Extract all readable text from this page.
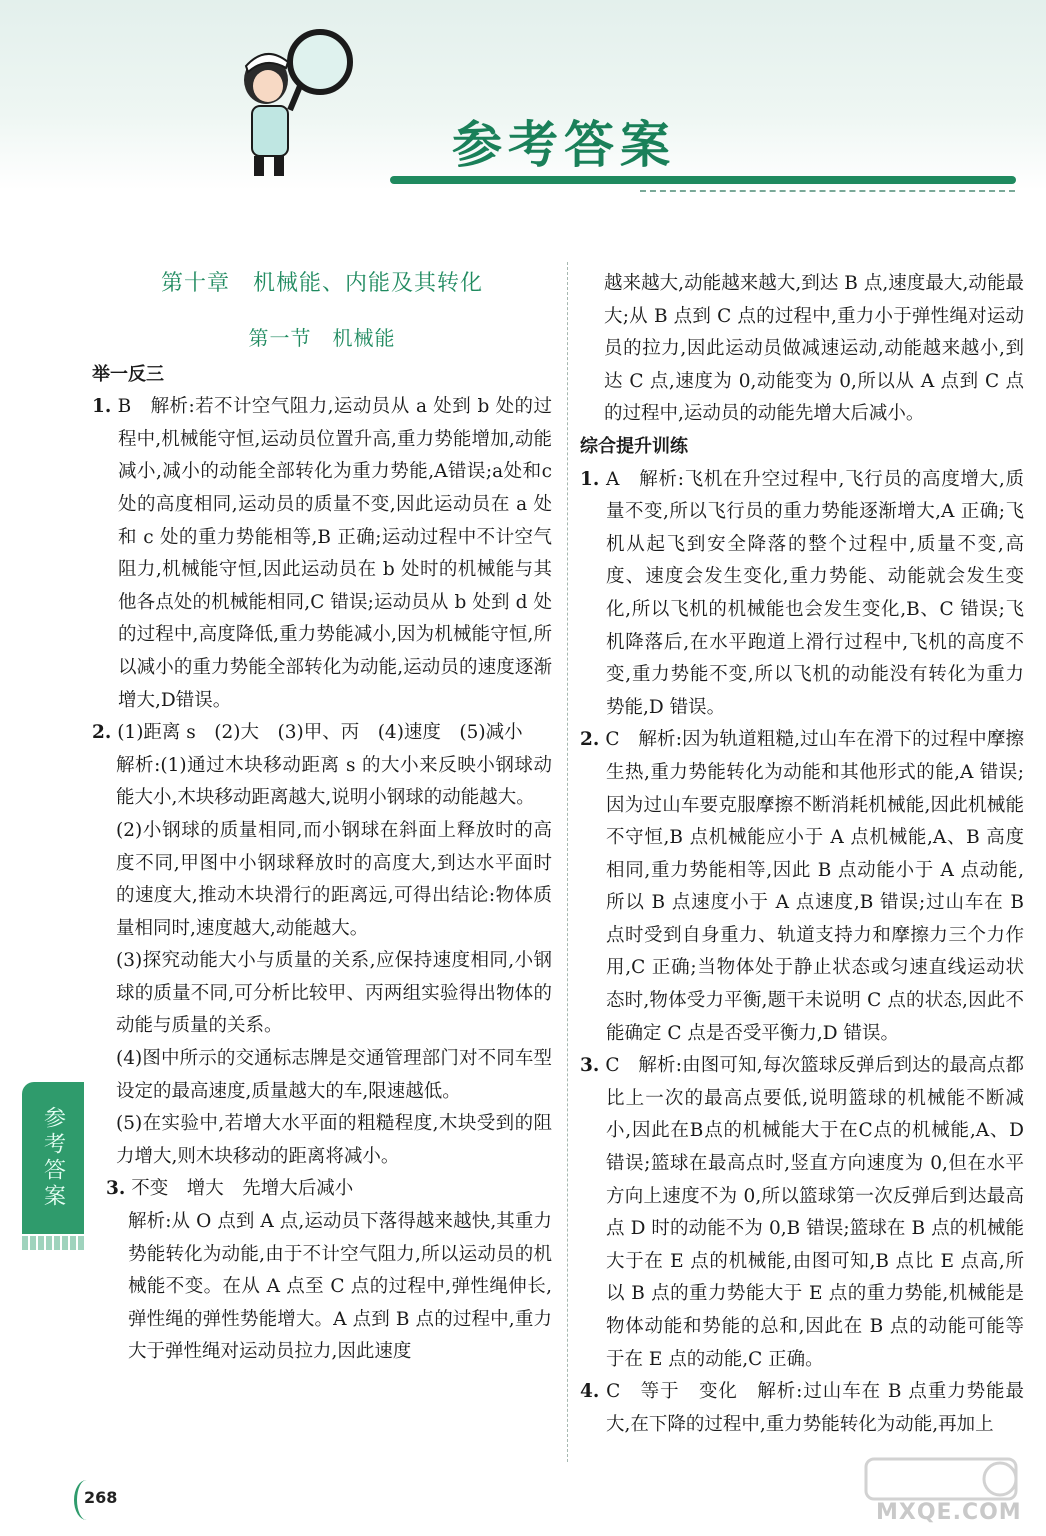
参考答案
第十章　机械能、内能及其转化
第一节　机械能
举一反三

1. B　解析:若不计空气阻力,运动员从 a 处到 b 处的过程中,机械能守恒,运动员位置升高,重力势能增加,动能减小,减小的动能全部转化为重力势能,A错误;a处和c处的高度相同,运动员的质量不变,因此运动员在 a 处和 c 处的重力势能相等,B 正确;运动过程中不计空气阻力,机械能守恒,因此运动员在 b 处时的机械能与其他各点处的机械能相同,C 错误;运动员从 b 处到 d 处的过程中,高度降低,重力势能减小,因为机械能守恒,所以减小的重力势能全部转化为动能,运动员的速度逐渐增大,D错误。

2. (1)距离 s　(2)大　(3)甲、丙　(4)速度　(5)减小

解析:(1)通过木块移动距离 s 的大小来反映小钢球动能大小,木块移动距离越大,说明小钢球的动能越大。

(2)小钢球的质量相同,而小钢球在斜面上释放时的高度不同,甲图中小钢球释放时的高度大,到达水平面时的速度大,推动木块滑行的距离远,可得出结论:物体质量相同时,速度越大,动能越大。

(3)探究动能大小与质量的关系,应保持速度相同,小钢球的质量不同,可分析比较甲、丙两组实验得出物体的动能与质量的关系。

(4)图中所示的交通标志牌是交通管理部门对不同车型设定的最高速度,质量越大的车,限速越低。

(5)在实验中,若增大水平面的粗糙程度,木块受到的阻力增大,则木块移动的距离将减小。

3. 不变　增大　先增大后减小

解析:从 O 点到 A 点,运动员下落得越来越快,其重力势能转化为动能,由于不计空气阻力,所以运动员的机械能不变。在从 A 点至 C 点的过程中,弹性绳伸长,弹性绳的弹性势能增大。A 点到 B 点的过程中,重力大于弹性绳对运动员拉力,因此速度

越来越大,动能越来越大,到达 B 点,速度最大,动能最大;从 B 点到 C 点的过程中,重力小于弹性绳对运动员的拉力,因此运动员做减速运动,动能越来越小,到达 C 点,速度为 0,动能变为 0,所以从 A 点到 C 点的过程中,运动员的动能先增大后减小。

综合提升训练

1. A　解析:飞机在升空过程中,飞行员的高度增大,质量不变,所以飞行员的重力势能逐渐增大,A 正确;飞机从起飞到安全降落的整个过程中,质量不变,高度、速度会发生变化,重力势能、动能就会发生变化,所以飞机的机械能也会发生变化,B、C 错误;飞机降落后,在水平跑道上滑行过程中,飞机的高度不变,重力势能不变,所以飞机的动能没有转化为重力势能,D 错误。

2. C　解析:因为轨道粗糙,过山车在滑下的过程中摩擦生热,重力势能转化为动能和其他形式的能,A 错误;因为过山车要克服摩擦不断消耗机械能,因此机械能不守恒,B 点机械能应小于 A 点机械能,A、B 高度相同,重力势能相等,因此 B 点动能小于 A 点动能,所以 B 点速度小于 A 点速度,B 错误;过山车在 B 点时受到自身重力、轨道支持力和摩擦力三个力作用,C 正确;当物体处于静止状态或匀速直线运动状态时,物体受力平衡,题干未说明 C 点的状态,因此不能确定 C 点是否受平衡力,D 错误。

3. C　解析:由图可知,每次篮球反弹后到达的最高点都比上一次的最高点要低,说明篮球的机械能不断减小,因此在B点的机械能大于在C点的机械能,A、D 错误;篮球在最高点时,竖直方向速度为 0,但在水平方向上速度不为 0,所以篮球第一次反弹后到达最高点 D 时的动能不为 0,B 错误;篮球在 B 点的机械能大于在 E 点的机械能,由图可知,B 点比 E 点高,所以 B 点的重力势能大于 E 点的重力势能,机械能是物体动能和势能的总和,因此在 B 点的动能可能等于在 E 点的动能,C 正确。

4. C　等于　变化　解析:过山车在 B 点重力势能最大,在下降的过程中,重力势能转化为动能,再加上

参考答案
268
MXQE.COM
